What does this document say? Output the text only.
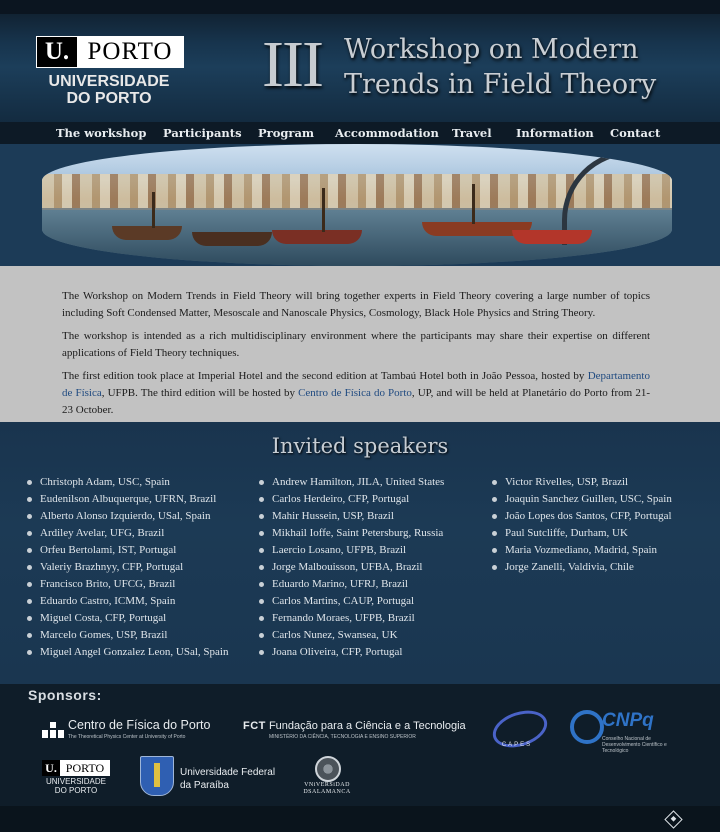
U. PORTO
UNIVERSIDADE
DO PORTO	III Workshop on Modern
Trends in Field Theory
The workshop Participants Program Accommodation Travel Information Contact

The Workshop on Modern Trends in Field Theory will bring together experts in Field Theory covering a large number of topics including Soft Condensed Matter, Mesoscale and Nanoscale Physics, Cosmology, Black Hole Physics and String Theory.

The workshop is intended as a rich multidisciplinary environment where the participants may share their expertise on different applications of Field Theory techniques.

The first edition took place at Imperial Hotel and the second edition at Tambaú Hotel both in João Pessoa, hosted by Departamento de Física, UFPB. The third edition will be hosted by Centro de Física do Porto, UP, and will be held at Planetário do Porto from 21-23 October.

Invited speakers
Christoph Adam, USC, Spain
Eudenilson Albuquerque, UFRN, Brazil
Alberto Alonso Izquierdo, USal, Spain
Ardiley Avelar, UFG, Brazil
Orfeu Bertolami, IST, Portugal
Valeriy Brazhnyy, CFP, Portugal
Francisco Brito, UFCG, Brazil
Eduardo Castro, ICMM, Spain
Miguel Costa, CFP, Portugal
Marcelo Gomes, USP, Brazil
Miguel Angel Gonzalez Leon, USal, Spain
Andrew Hamilton, JILA, United States
Carlos Herdeiro, CFP, Portugal
Mahir Hussein, USP, Brazil
Mikhail Ioffe, Saint Petersburg, Russia
Laercio Losano, UFPB, Brazil
Jorge Malbouisson, UFBA, Brazil
Eduardo Marino, UFRJ, Brazil
Carlos Martins, CAUP, Portugal
Fernando Moraes, UFPB, Brazil
Carlos Nunez, Swansea, UK
Joana Oliveira, CFP, Portugal
Victor Rivelles, USP, Brazil
Joaquin Sanchez Guillen, USC, Spain
João Lopes dos Santos, CFP, Portugal
Paul Sutcliffe, Durham, UK
Maria Vozmediano, Madrid, Spain
Jorge Zanelli, Valdivia, Chile
Sponsors:
Centro de Física do Porto
The Theoretical Physics Center at University of Porto
FCT Fundação para a Ciência e a Tecnologia
MINISTÉRIO DA CIÊNCIA, TECNOLOGIA E ENSINO SUPERIOR
CAPES
CNPq
Conselho Nacional de Desenvolvimento Científico e Tecnológico
U. PORTO
UNIVERSIDADE DO PORTO
Universidade Federal
da Paraíba	VNiVERSiDAD
DSALAMANCA
